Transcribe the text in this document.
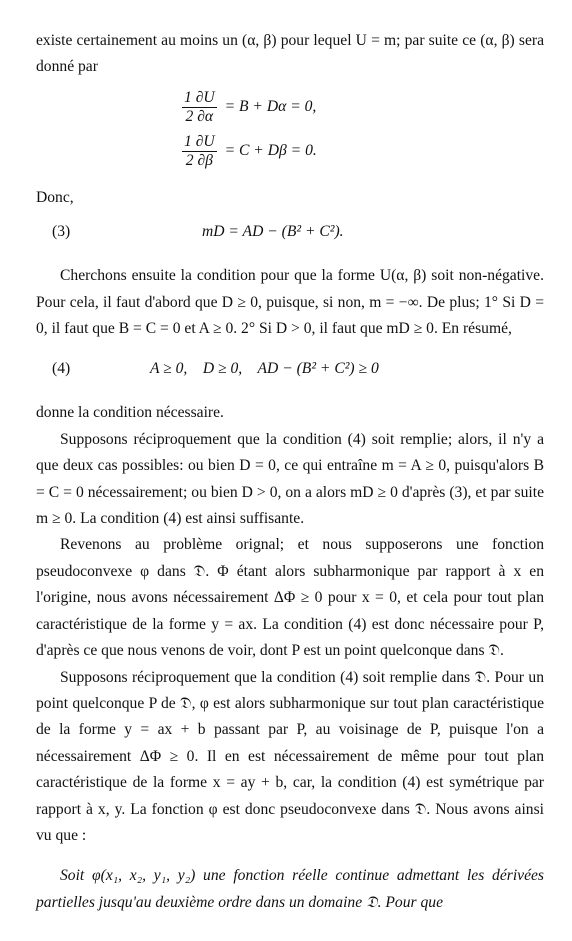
existe certainement au moins un (α, β) pour lequel U = m; par suite ce (α, β) sera donné par

$\frac{1 \partial U}{2 \partial\alpha} = B + D\alpha = 0$,
$\frac{1 \partial U}{2 \partial\beta} = C + D\beta = 0$.

Donc,

(3)	mD = AD − (B² + C²).

Cherchons ensuite la condition pour que la forme U(α, β) soit non-négative. Pour cela, il faut d'abord que D ≥ 0, puisque, si non, m = −∞. De plus; 1° Si D = 0, il faut que B = C = 0 et A ≥ 0. 2° Si D > 0, il faut que mD ≥ 0. En résumé,

(4)	A ≥ 0,    D ≥ 0,    AD − (B² + C²) ≥ 0

donne la condition nécessaire.

Supposons réciproquement que la condition (4) soit remplie; alors, il n'y a que deux cas possibles: ou bien D = 0, ce qui entraîne m = A ≥ 0, puisqu'alors B = C = 0 nécessairement; ou bien D > 0, on a alors mD ≥ 0 d'après (3), et par suite m ≥ 0. La condition (4) est ainsi suffisante.

Revenons au problème orignal; et nous supposerons une fonction pseudoconvexe φ dans 𝔇. Φ étant alors subharmonique par rapport à x en l'origine, nous avons nécessairement ΔΦ ≥ 0 pour x = 0, et cela pour tout plan caractéristique de la forme y = ax. La condition (4) est donc nécessaire pour P, d'après ce que nous venons de voir, dont P est un point quelconque dans 𝔇.

Supposons réciproquement que la condition (4) soit remplie dans 𝔇. Pour un point quelconque P de 𝔇, φ est alors subharmonique sur tout plan caractéristique de la forme y = ax + b passant par P, au voisinage de P, puisque l'on a nécessairement ΔΦ ≥ 0. Il en est nécessairement de même pour tout plan caractéristique de la forme x = ay + b, car, la condition (4) est symétrique par rapport à x, y. La fonction φ est donc pseudoconvexe dans 𝔇. Nous avons ainsi vu que :

Soit φ(x₁, x₂, y₁, y₂) une fonction réelle continue admettant les dérivées partielles jusqu'au deuxième ordre dans un domaine 𝔇. Pour que
